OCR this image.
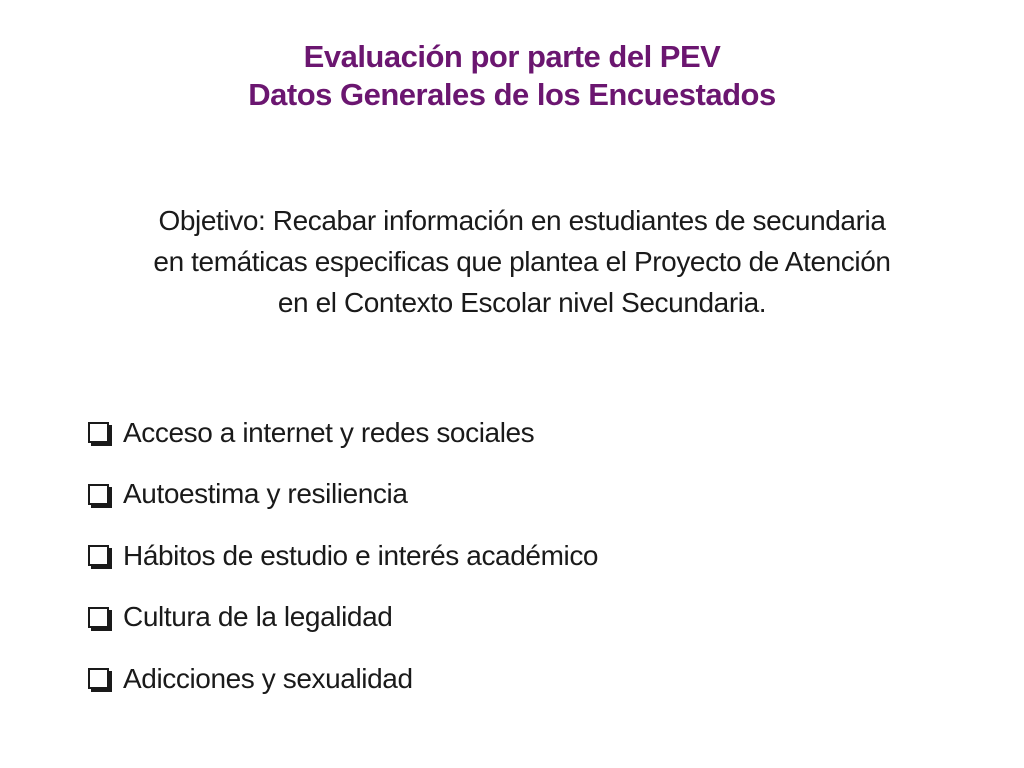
Evaluación por parte del PEV
Datos Generales de los Encuestados
Objetivo: Recabar información en estudiantes de secundaria
en temáticas especificas que plantea el Proyecto de Atención
en el Contexto Escolar nivel Secundaria.
Acceso a internet y redes sociales
Autoestima y resiliencia
Hábitos de estudio e interés académico
Cultura de la legalidad
Adicciones y sexualidad
